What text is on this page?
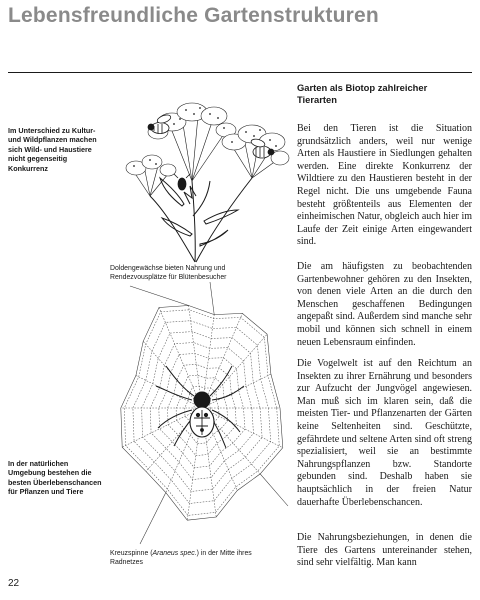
Lebensfreundliche Gartenstrukturen
Im Unterschied zu Kultur- und Wildpflanzen machen sich Wild- und Haustiere nicht gegenseitig Konkurrenz
In der natürlichen Umgebung bestehen die besten Überlebenschancen für Pflanzen und Tiere
Doldengewächse bieten Nahrung und Rendezvousplätze für Blütenbesucher
Kreuzspinne (Araneus spec.) in der Mitte ihres Radnetzes
Garten als Biotop zahlreicher Tierarten

Bei den Tieren ist die Situation grundsätzlich anders, weil nur wenige Arten als Haustiere in Siedlungen gehalten werden. Eine direkte Konkurrenz der Wildtiere zu den Haustieren besteht in der Regel nicht. Die uns umgebende Fauna besteht größtenteils aus Elementen der einheimischen Natur, obgleich auch hier im Laufe der Zeit einige Arten eingewandert sind.

Die am häufigsten zu beobachtenden Gartenbewohner gehören zu den Insekten, von denen viele Arten an die durch den Menschen geschaffenen Bedingungen angepaßt sind. Außerdem sind manche sehr mobil und können sich schnell in einem neuen Lebensraum einfinden.

Die Vogelwelt ist auf den Reichtum an Insekten zu ihrer Ernährung und besonders zur Aufzucht der Jungvögel angewiesen. Man muß sich im klaren sein, daß die meisten Tier- und Pflanzenarten der Gärten keine Seltenheiten sind. Geschützte, gefährdete und seltene Arten sind oft streng spezialisiert, weil sie an bestimmte Nahrungspflanzen bzw. Standorte gebunden sind. Deshalb haben sie hauptsächlich in der freien Natur dauerhafte Überlebenschancen.

Die Nahrungsbeziehungen, in denen die Tiere des Gartens untereinander stehen, sind sehr vielfältig. Man kann

22
